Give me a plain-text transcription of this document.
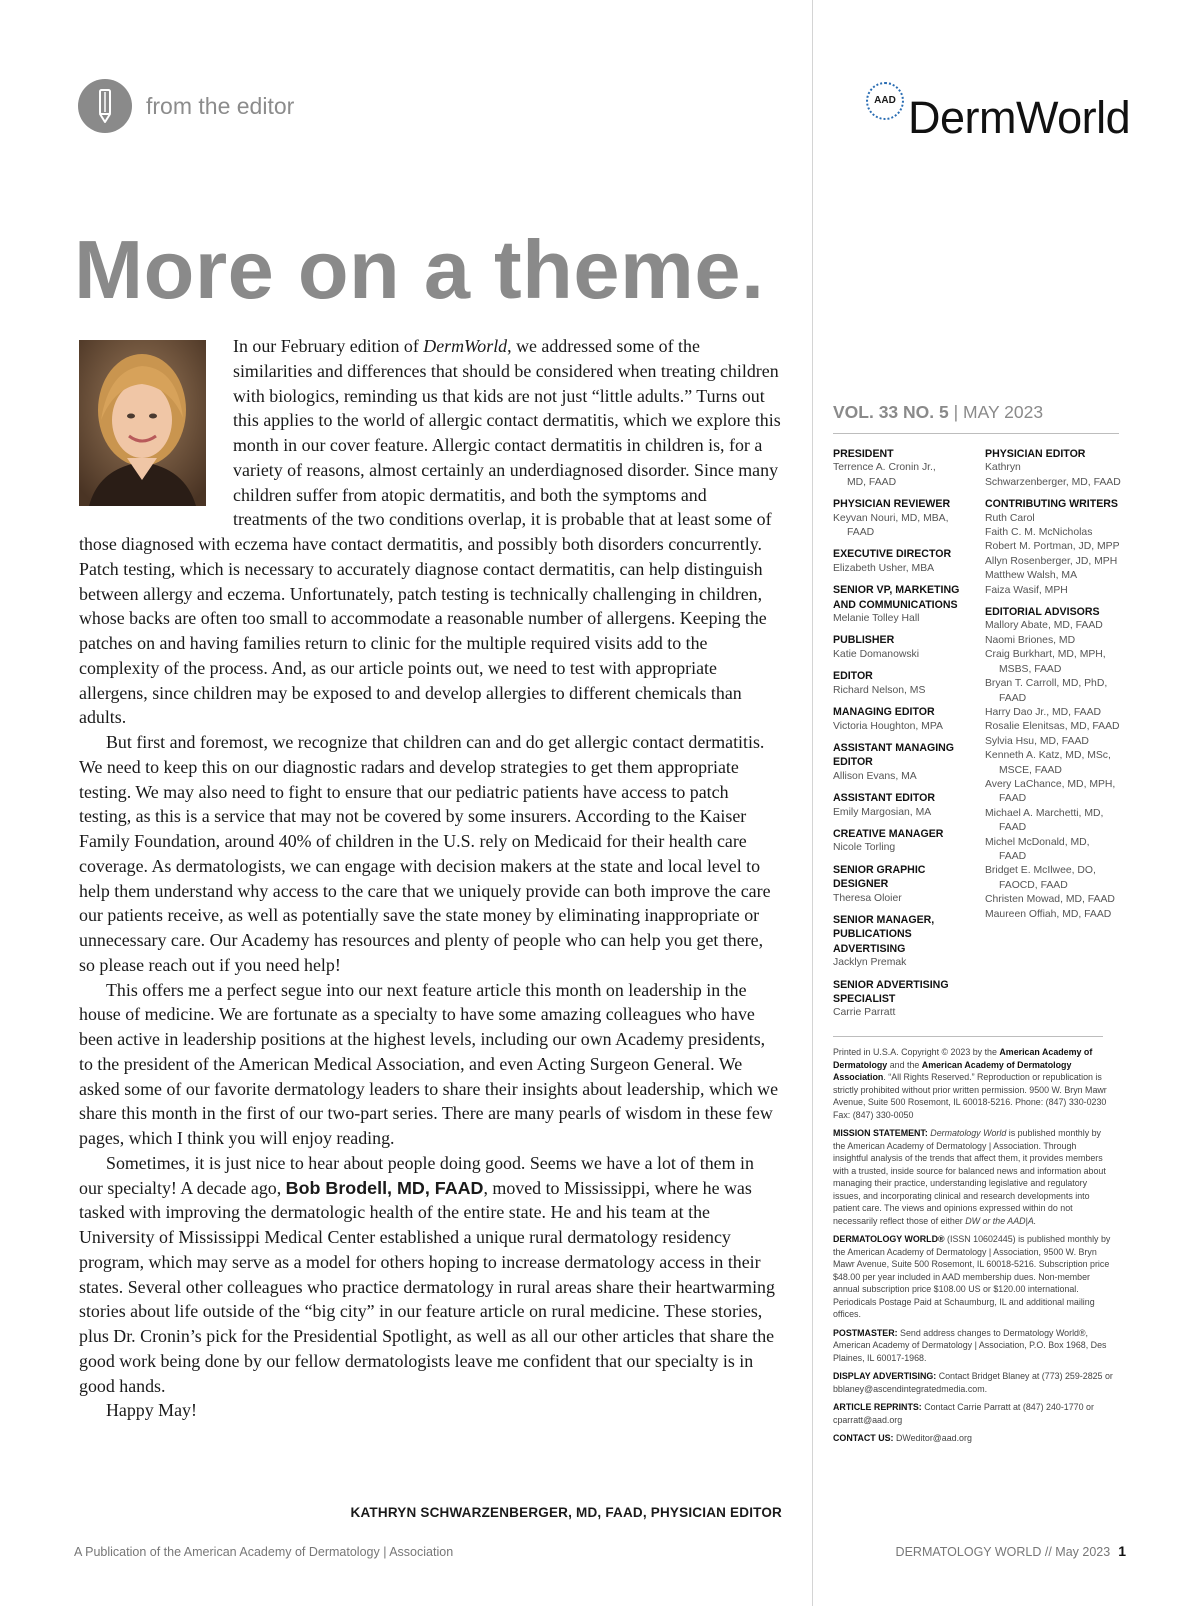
from the editor
More on a theme.

In our February edition of DermWorld, we addressed some of the similarities and differences that should be considered when treating children with biologics, reminding us that kids are not just “little adults.” Turns out this applies to the world of allergic contact dermatitis, which we explore this month in our cover feature. Allergic contact dermatitis in children is, for a variety of reasons, almost certainly an underdiagnosed disorder. Since many children suffer from atopic dermatitis, and both the symptoms and treatments of the two conditions overlap, it is probable that at least some of those diagnosed with eczema have contact dermatitis, and possibly both disorders concurrently. Patch testing, which is necessary to accurately diagnose contact dermatitis, can help distinguish between allergy and eczema. Unfortunately, patch testing is technically challenging in children, whose backs are often too small to accommodate a reasonable number of allergens. Keeping the patches on and having families return to clinic for the multiple required visits add to the complexity of the process. And, as our article points out, we need to test with appropriate allergens, since children may be exposed to and develop allergies to different chemicals than adults.

But first and foremost, we recognize that children can and do get allergic contact dermatitis. We need to keep this on our diagnostic radars and develop strategies to get them appropriate testing. We may also need to fight to ensure that our pediatric patients have access to patch testing, as this is a service that may not be covered by some insurers. According to the Kaiser Family Foundation, around 40% of children in the U.S. rely on Medicaid for their health care coverage. As dermatologists, we can engage with decision makers at the state and local level to help them understand why access to the care that we uniquely provide can both improve the care our patients receive, as well as potentially save the state money by eliminating inappropriate or unnecessary care. Our Academy has resources and plenty of people who can help you get there, so please reach out if you need help!

This offers me a perfect segue into our next feature article this month on leadership in the house of medicine. We are fortunate as a specialty to have some amazing colleagues who have been active in leadership positions at the highest levels, including our own Academy presidents, to the president of the American Medical Association, and even Acting Surgeon General. We asked some of our favorite dermatology leaders to share their insights about leadership, which we share this month in the first of our two-part series. There are many pearls of wisdom in these few pages, which I think you will enjoy reading.

Sometimes, it is just nice to hear about people doing good. Seems we have a lot of them in our specialty! A decade ago, Bob Brodell, MD, FAAD, moved to Mississippi, where he was tasked with improving the dermatologic health of the entire state. He and his team at the University of Mississippi Medical Center established a unique rural dermatology residency program, which may serve as a model for others hoping to increase dermatology access in their states. Several other colleagues who practice dermatology in rural areas share their heartwarming stories about life outside of the “big city” in our feature article on rural medicine. These stories, plus Dr. Cronin’s pick for the Presidential Spotlight, as well as all our other articles that share the good work being done by our fellow dermatologists leave me confident that our specialty is in good hands.

Happy May!

KATHRYN SCHWARZENBERGER, MD, FAAD, PHYSICIAN EDITOR
A Publication of the American Academy of Dermatology | Association	DERMATOLOGY WORLD // May 2023 1
AAD DermWorld
VOL. 33 NO. 5 | MAY 2023
PRESIDENT
Terrence A. Cronin Jr.,
MD, FAAD
PHYSICIAN REVIEWER
Keyvan Nouri, MD, MBA,
FAAD
EXECUTIVE DIRECTOR
Elizabeth Usher, MBA
SENIOR VP, MARKETING AND COMMUNICATIONS
Melanie Tolley Hall
PUBLISHER
Katie Domanowski
EDITOR
Richard Nelson, MS
MANAGING EDITOR
Victoria Houghton, MPA
ASSISTANT MANAGING EDITOR
Allison Evans, MA
ASSISTANT EDITOR
Emily Margosian, MA
CREATIVE MANAGER
Nicole Torling
SENIOR GRAPHIC DESIGNER
Theresa Oloier
SENIOR MANAGER, PUBLICATIONS ADVERTISING
Jacklyn Premak
SENIOR ADVERTISING SPECIALIST
Carrie Parratt
PHYSICIAN EDITOR
Kathryn
Schwarzenberger, MD, FAAD
CONTRIBUTING WRITERS
Ruth Carol
Faith C. M. McNicholas
Robert M. Portman, JD, MPP
Allyn Rosenberger, JD, MPH
Matthew Walsh, MA
Faiza Wasif, MPH
EDITORIAL ADVISORS
Mallory Abate, MD, FAAD
Naomi Briones, MD
Craig Burkhart, MD, MPH,
MSBS, FAAD
Bryan T. Carroll, MD, PhD,
FAAD
Harry Dao Jr., MD, FAAD
Rosalie Elenitsas, MD, FAAD
Sylvia Hsu, MD, FAAD
Kenneth A. Katz, MD, MSc,
MSCE, FAAD
Avery LaChance, MD, MPH,
FAAD
Michael A. Marchetti, MD,
FAAD
Michel McDonald, MD,
FAAD
Bridget E. McIlwee, DO,
FAOCD, FAAD
Christen Mowad, MD, FAAD
Maureen Offiah, MD, FAAD
Printed in U.S.A. Copyright © 2023 by the American Academy of Dermatology and the American Academy of Dermatology Association. “All Rights Reserved.” Reproduction or republication is strictly prohibited without prior written permission. 9500 W. Bryn Mawr Avenue, Suite 500 Rosemont, IL 60018-5216. Phone: (847) 330-0230 Fax: (847) 330-0050
MISSION STATEMENT: Dermatology World is published monthly by the American Academy of Dermatology | Association. Through insightful analysis of the trends that affect them, it provides members with a trusted, inside source for balanced news and information about managing their practice, understanding legislative and regulatory issues, and incorporating clinical and research developments into patient care. The views and opinions expressed within do not necessarily reflect those of either DW or the AAD|A.
DERMATOLOGY WORLD® (ISSN 10602445) is published monthly by the American Academy of Dermatology | Association, 9500 W. Bryn Mawr Avenue, Suite 500 Rosemont, IL 60018-5216. Subscription price $48.00 per year included in AAD membership dues. Non-member annual subscription price $108.00 US or $120.00 international. Periodicals Postage Paid at Schaumburg, IL and additional mailing offices.
POSTMASTER: Send address changes to Dermatology World®, American Academy of Dermatology | Association, P.O. Box 1968, Des Plaines, IL 60017-1968.
DISPLAY ADVERTISING: Contact Bridget Blaney at (773) 259-2825 or bblaney@ascendintegratedmedia.com.
ARTICLE REPRINTS: Contact Carrie Parratt at (847) 240-1770 or cparratt@aad.org
CONTACT US: DWeditor@aad.org
